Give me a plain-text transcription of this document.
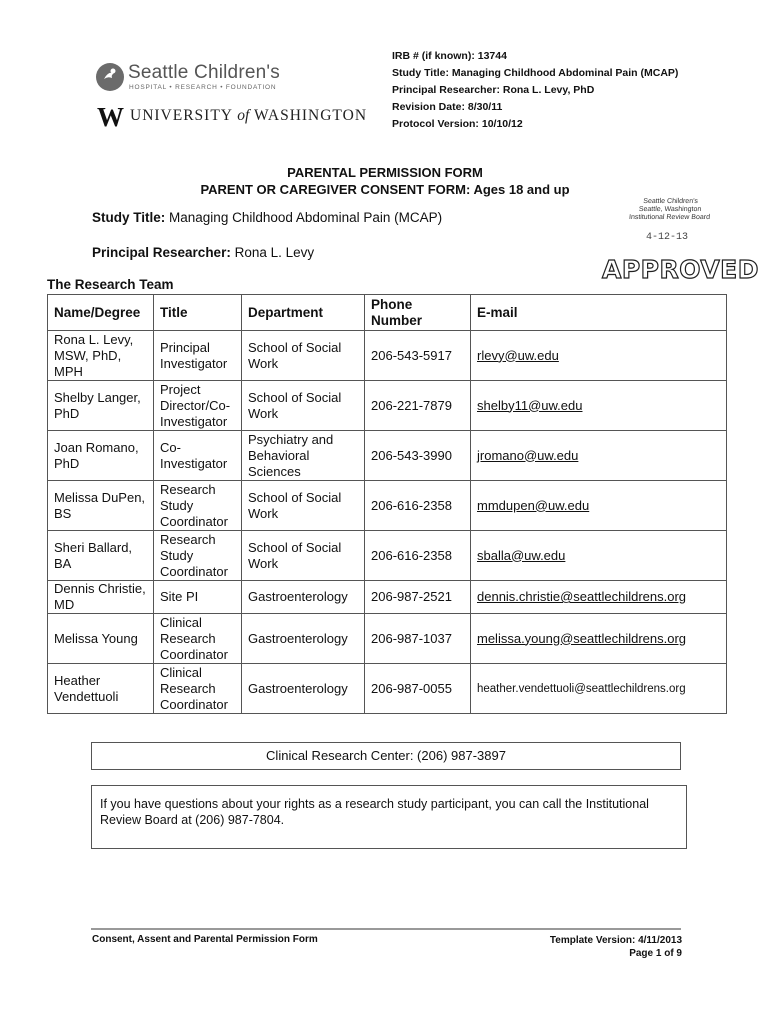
Seattle Children's
HOSPITAL • RESEARCH • FOUNDATION
W UNIVERSITY of WASHINGTON
IRB # (if known): 13744
Study Title: Managing Childhood Abdominal Pain (MCAP)
Principal Researcher: Rona L. Levy, PhD
Revision Date: 8/30/11
Protocol Version: 10/10/12
PARENTAL PERMISSION FORM
PARENT OR CAREGIVER CONSENT FORM: Ages 18 and up
Study Title: Managing Childhood Abdominal Pain (MCAP)
Principal Researcher: Rona L. Levy
Seattle Children's
Seattle, Washington
Institutional Review Board
4-12-13
APPROVED
The Research Team
Name/Degree	Title	Department	Phone Number	E-mail
Rona L. Levy, MSW, PhD, MPH	Principal Investigator	School of Social Work	206-543-5917	rlevy@uw.edu
Shelby Langer, PhD	Project Director/Co-Investigator	School of Social Work	206-221-7879	shelby11@uw.edu
Joan Romano, PhD	Co-Investigator	Psychiatry and Behavioral Sciences	206-543-3990	jromano@uw.edu
Melissa DuPen, BS	Research Study Coordinator	School of Social Work	206-616-2358	mmdupen@uw.edu
Sheri Ballard, BA	Research Study Coordinator	School of Social Work	206-616-2358	sballa@uw.edu
Dennis Christie, MD	Site PI	Gastroenterology	206-987-2521	dennis.christie@seattlechildrens.org
Melissa Young	Clinical Research Coordinator	Gastroenterology	206-987-1037	melissa.young@seattlechildrens.org
Heather Vendettuoli	Clinical Research Coordinator	Gastroenterology	206-987-0055	heather.vendettuoli@seattlechildrens.org
Clinical Research Center: (206) 987-3897
If you have questions about your rights as a research study participant, you can call the Institutional Review Board at (206) 987-7804.
Consent, Assent and Parental Permission Form	Template Version: 4/11/2013
Page 1 of 9
